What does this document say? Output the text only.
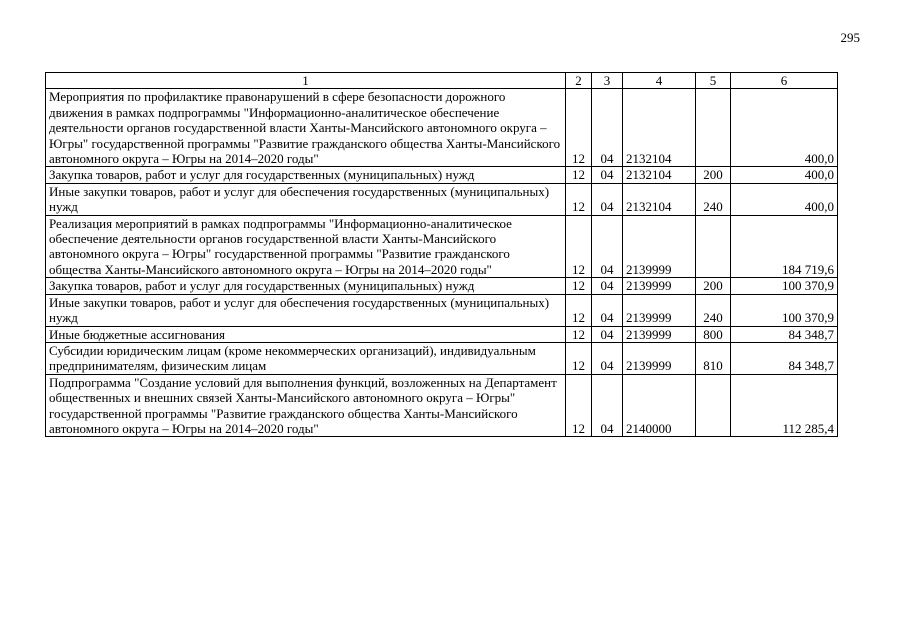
295
1	2	3	4	5	6
Мероприятия по профилактике правонарушений в сфере безопасности дорожного движения в рамках подпрограммы "Информационно-аналитическое обеспечение деятельности органов государственной власти Ханты-Мансийского автономного округа – Югры" государственной программы "Развитие гражданского общества Ханты-Мансийского автономного округа – Югры на 2014–2020 годы"	12	04	2132104		400,0
Закупка товаров, работ и услуг для государственных (муниципальных) нужд	12	04	2132104	200	400,0
Иные закупки товаров, работ и услуг для обеспечения государственных (муниципальных) нужд	12	04	2132104	240	400,0
Реализация мероприятий в рамках подпрограммы "Информационно-аналитическое обеспечение деятельности органов государственной власти Ханты-Мансийского автономного округа – Югры" государственной программы "Развитие гражданского общества Ханты-Мансийского автономного округа – Югры на 2014–2020 годы"	12	04	2139999		184 719,6
Закупка товаров, работ и услуг для государственных (муниципальных) нужд	12	04	2139999	200	100 370,9
Иные закупки товаров, работ и услуг для обеспечения государственных (муниципальных) нужд	12	04	2139999	240	100 370,9
Иные бюджетные ассигнования	12	04	2139999	800	84 348,7
Субсидии юридическим лицам (кроме некоммерческих организаций), индивидуальным предпринимателям, физическим лицам	12	04	2139999	810	84 348,7
Подпрограмма "Создание условий для выполнения функций, возложенных на Департамент общественных и внешних связей Ханты-Мансийского автономного округа – Югры" государственной программы "Развитие гражданского общества Ханты-Мансийского автономного округа – Югры на 2014–2020 годы"	12	04	2140000		112 285,4
